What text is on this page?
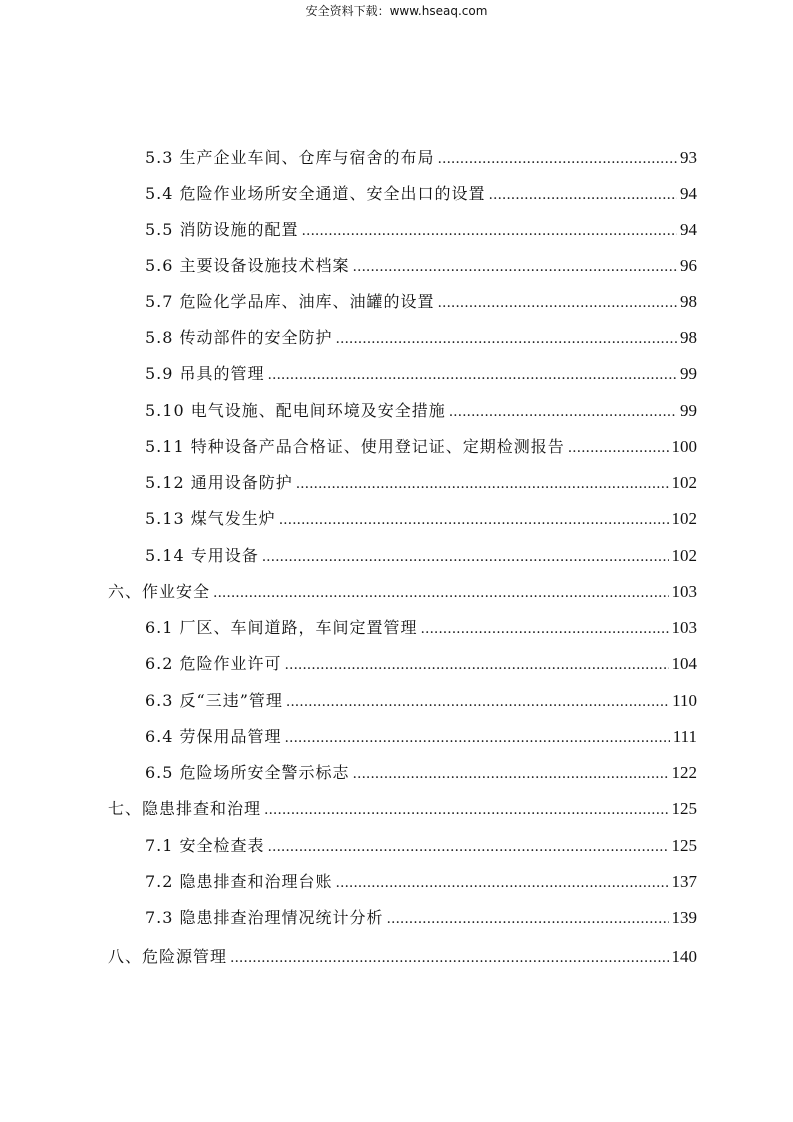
安全资料下载：www.hseaq.com
5.3 生产企业车间、仓库与宿舍的布局 .....	93
5.4 危险作业场所安全通道、安全出口的设置 .....	94
5.5 消防设施的配置 .....	94
5.6 主要设备设施技术档案 .....	96
5.7 危险化学品库、油库、油罐的设置 .....	98
5.8 传动部件的安全防护 .....	98
5.9 吊具的管理 .....	99
5.10 电气设施、配电间环境及安全措施 .....	99
5.11 特种设备产品合格证、使用登记证、定期检测报告 .....	100
5.12 通用设备防护 .....	102
5.13 煤气发生炉 .....	102
5.14 专用设备 .....	102
六、作业安全 .....	103
6.1 厂区、车间道路，车间定置管理 .....	103
6.2 危险作业许可 .....	104
6.3 反“三违”管理 .....	110
6.4 劳保用品管理 .....	111
6.5 危险场所安全警示标志 .....	122
七、隐患排查和治理 .....	125
7.1 安全检查表 .....	125
7.2 隐患排查和治理台账 .....	137
7.3 隐患排查治理情况统计分析 .....	139
八、危险源管理 .....	140
